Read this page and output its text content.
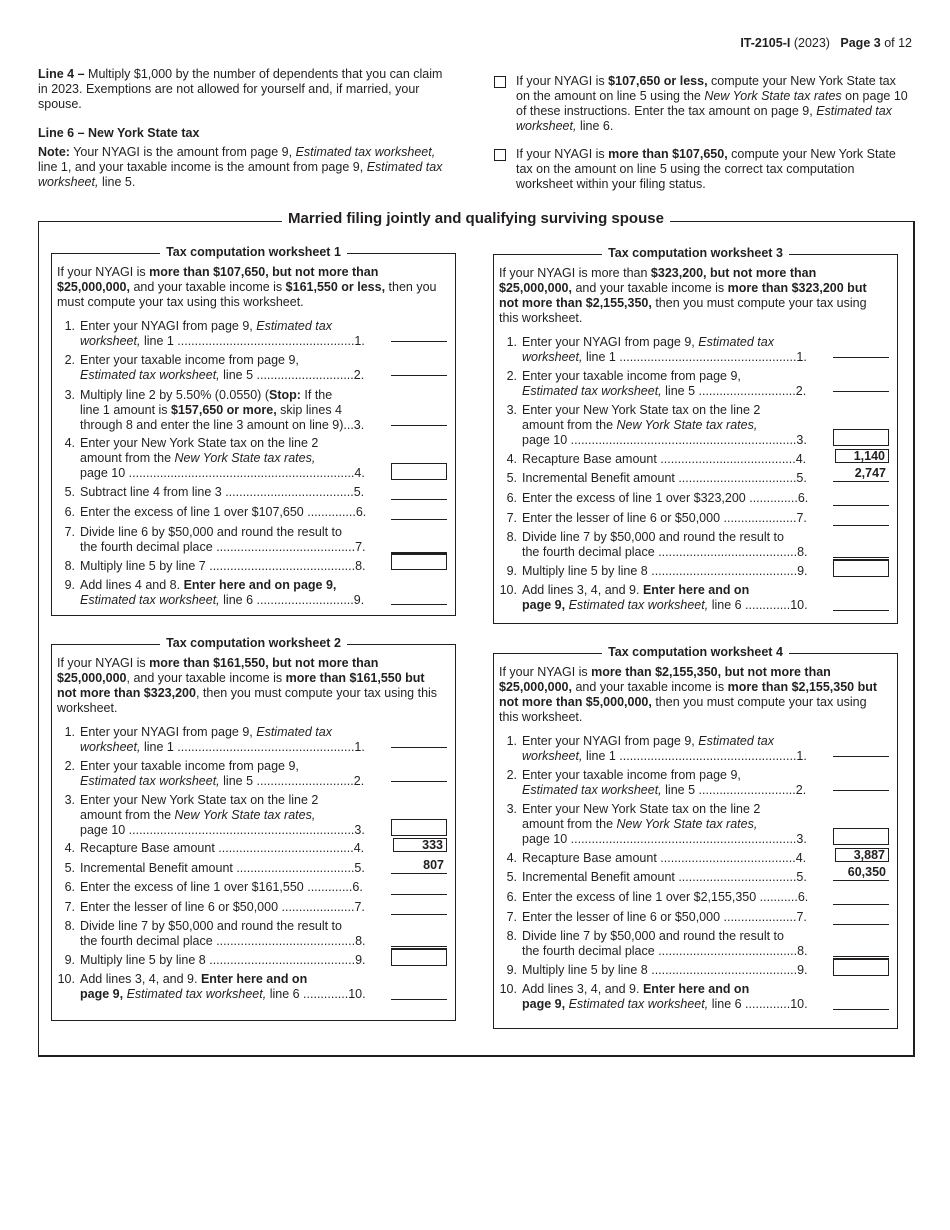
IT-2105-I (2023) Page 3 of 12

Line 4 – Multiply $1,000 by the number of dependents that you can claim in 2023. Exemptions are not allowed for yourself and, if married, your spouse.

Line 6 – New York State tax

Note: Your NYAGI is the amount from page 9, Estimated tax worksheet, line 1, and your taxable income is the amount from page 9, Estimated tax worksheet, line 5.

If your NYAGI is $107,650 or less, compute your New York State tax on the amount on line 5 using the New York State tax rates on page 10 of these instructions. Enter the tax amount on page 9, Estimated tax worksheet, line 6.
If your NYAGI is more than $107,650, compute your New York State tax on the amount on line 5 using the correct tax computation worksheet within your filing status.
Married filing jointly and qualifying surviving spouse
Tax computation worksheet 1
If your NYAGI is more than $107,650, but not more than $25,000,000, and your taxable income is $161,550 or less, then you must compute your tax using this worksheet.
1. Enter your NYAGI from page 9, Estimated tax
worksheet, line 1 ...................................................1.
2. Enter your taxable income from page 9,
Estimated tax worksheet, line 5 ............................2.
3. Multiply line 2 by 5.50% (0.0550) (Stop: If the
line 1 amount is $157,650 or more, skip lines 4
through 8 and enter the line 3 amount on line 9)...3.
4. Enter your New York State tax on the line 2
amount from the New York State tax rates,
page 10 .................................................................4.
5. Subtract line 4 from line 3 .....................................5.
6. Enter the excess of line 1 over $107,650 ..............6.
7. Divide line 6 by $50,000 and round the result to
the fourth decimal place ........................................7.
8. Multiply line 5 by line 7 ..........................................8.
9. Add lines 4 and 8. Enter here and on page 9,
Estimated tax worksheet, line 6 ............................9.
Tax computation worksheet 2
If your NYAGI is more than $161,550, but not more than $25,000,000, and your taxable income is more than $161,550 but not more than $323,200, then you must compute your tax using this worksheet.
1. Enter your NYAGI from page 9, Estimated tax
worksheet, line 1 ...................................................1.
2. Enter your taxable income from page 9,
Estimated tax worksheet, line 5 ............................2.
3. Enter your New York State tax on the line 2
amount from the New York State tax rates,
page 10 .................................................................3.
4. Recapture Base amount .......................................4.	333
5. Incremental Benefit amount ..................................5.	807
6. Enter the excess of line 1 over $161,550 .............6.
7. Enter the lesser of line 6 or $50,000 .....................7.
8. Divide line 7 by $50,000 and round the result to
the fourth decimal place ........................................8.
9. Multiply line 5 by line 8 ..........................................9.
10. Add lines 3, 4, and 9. Enter here and on
page 9, Estimated tax worksheet, line 6 .............10.
Tax computation worksheet 3
If your NYAGI is more than $323,200, but not more than $25,000,000, and your taxable income is more than $323,200 but not more than $2,155,350, then you must compute your tax using this worksheet.
1. Enter your NYAGI from page 9, Estimated tax
worksheet, line 1 ...................................................1.
2. Enter your taxable income from page 9,
Estimated tax worksheet, line 5 ............................2.
3. Enter your New York State tax on the line 2
amount from the New York State tax rates,
page 10 .................................................................3.
4. Recapture Base amount .......................................4.	1,140
5. Incremental Benefit amount ..................................5.	2,747
6. Enter the excess of line 1 over $323,200 ..............6.
7. Enter the lesser of line 6 or $50,000 .....................7.
8. Divide line 7 by $50,000 and round the result to
the fourth decimal place ........................................8.
9. Multiply line 5 by line 8 ..........................................9.
10. Add lines 3, 4, and 9. Enter here and on
page 9, Estimated tax worksheet, line 6 .............10.
Tax computation worksheet 4
If your NYAGI is more than $2,155,350, but not more than $25,000,000, and your taxable income is more than $2,155,350 but not more than $5,000,000, then you must compute your tax using this worksheet.
1. Enter your NYAGI from page 9, Estimated tax
worksheet, line 1 ...................................................1.
2. Enter your taxable income from page 9,
Estimated tax worksheet, line 5 ............................2.
3. Enter your New York State tax on the line 2
amount from the New York State tax rates,
page 10 .................................................................3.
4. Recapture Base amount .......................................4.	3,887
5. Incremental Benefit amount ..................................5.	60,350
6. Enter the excess of line 1 over $2,155,350 ...........6.
7. Enter the lesser of line 6 or $50,000 .....................7.
8. Divide line 7 by $50,000 and round the result to
the fourth decimal place ........................................8.
9. Multiply line 5 by line 8 ..........................................9.
10. Add lines 3, 4, and 9. Enter here and on
page 9, Estimated tax worksheet, line 6 .............10.
